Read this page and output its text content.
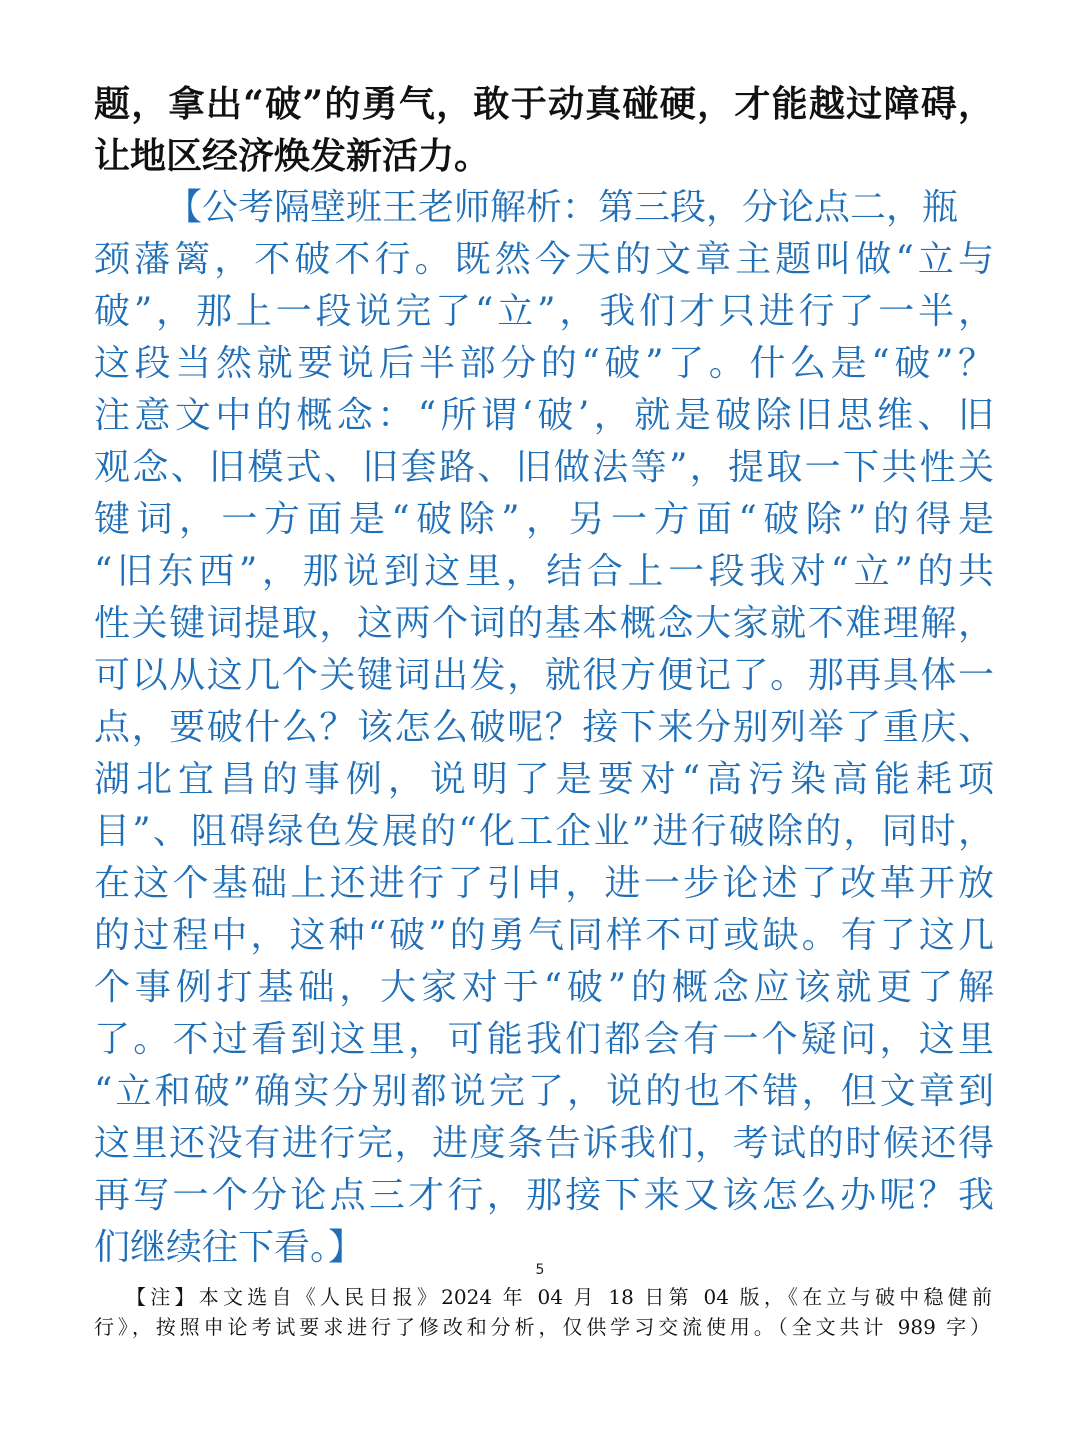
题，拿出“破”的勇气，敢于动真碰硬，才能越过障碍，
让地区经济焕发新活力。
【公考隔壁班王老师解析：第三段，分论点二，瓶
颈藩篱，不破不行。既然今天的文章主题叫做“立与
破”，那上一段说完了“立”，我们才只进行了一半，
这段当然就要说后半部分的“破”了。什么是“破”？
注意文中的概念：“所谓‘破’，就是破除旧思维、旧
观念、旧模式、旧套路、旧做法等”，提取一下共性关
键词，一方面是“破除”，另一方面“破除”的得是
“旧东西”，那说到这里，结合上一段我对“立”的共
性关键词提取，这两个词的基本概念大家就不难理解，
可以从这几个关键词出发，就很方便记了。那再具体一
点，要破什么？该怎么破呢？接下来分别列举了重庆、
湖北宜昌的事例，说明了是要对“高污染高能耗项
目”、阻碍绿色发展的“化工企业”进行破除的，同时，
在这个基础上还进行了引申，进一步论述了改革开放
的过程中，这种“破”的勇气同样不可或缺。有了这几
个事例打基础，大家对于“破”的概念应该就更了解
了。不过看到这里，可能我们都会有一个疑问，这里
“立和破”确实分别都说完了，说的也不错，但文章到
这里还没有进行完，进度条告诉我们，考试的时候还得
再写一个分论点三才行，那接下来又该怎么办呢？我
们继续往下看。】
5
【注】本文选自《人民日报》2024 年 04 月 18 日第 04 版，《在立与破中稳健前
行》，按照申论考试要求进行了修改和分析，仅供学习交流使用。（全文共计 989 字）
